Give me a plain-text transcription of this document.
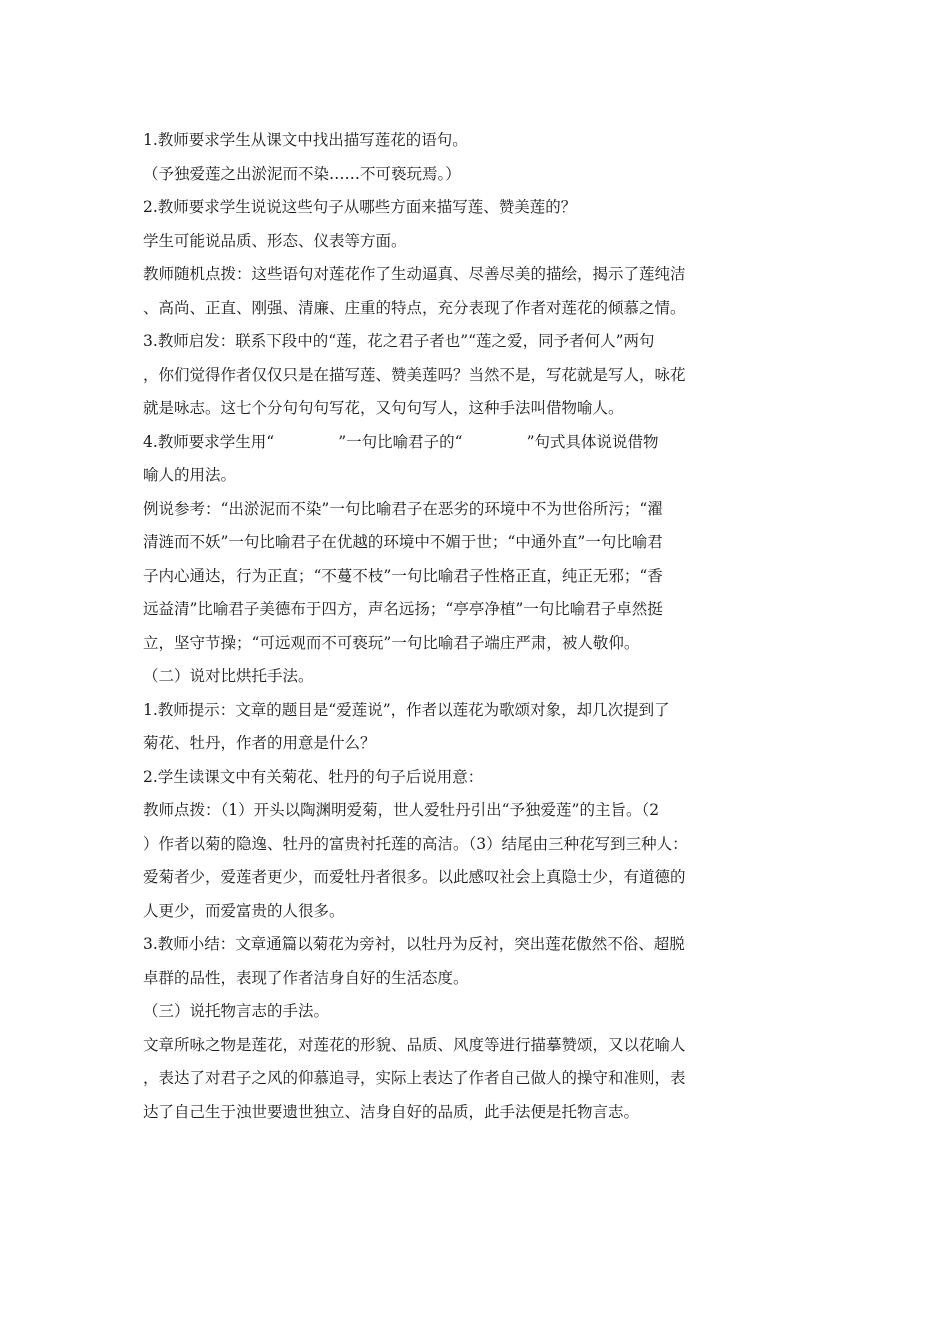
1.教师要求学生从课文中找出描写莲花的语句。
（予独爱莲之出淤泥而不染……不可亵玩焉。）
2.教师要求学生说说这些句子从哪些方面来描写莲、赞美莲的？
学生可能说品质、形态、仪表等方面。
教师随机点拨：这些语句对莲花作了生动逼真、尽善尽美的描绘，揭示了莲纯洁
、高尚、正直、刚强、清廉、庄重的特点，充分表现了作者对莲花的倾慕之情。
3.教师启发：联系下段中的“莲，花之君子者也”“莲之爱，同予者何人”两句
，你们觉得作者仅仅只是在描写莲、赞美莲吗？当然不是，写花就是写人，咏花
就是咏志。这七个分句句句写花，又句句写人，这种手法叫借物喻人。
4.教师要求学生用“	”一句比喻君子的“	”句式具体说说借物
喻人的用法。
例说参考：“出淤泥而不染”一句比喻君子在恶劣的环境中不为世俗所污；“濯
清涟而不妖”一句比喻君子在优越的环境中不媚于世；“中通外直”一句比喻君
子内心通达，行为正直；“不蔓不枝”一句比喻君子性格正直，纯正无邪；“香
远益清”比喻君子美德布于四方，声名远扬；“亭亭净植”一句比喻君子卓然挺
立，坚守节操；“可远观而不可亵玩”一句比喻君子端庄严肃，被人敬仰。
（二）说对比烘托手法。
1.教师提示：文章的题目是“爱莲说”，作者以莲花为歌颂对象，却几次提到了
菊花、牡丹，作者的用意是什么？
2.学生读课文中有关菊花、牡丹的句子后说用意：
教师点拨：（1）开头以陶渊明爱菊，世人爱牡丹引出“予独爱莲”的主旨。（2
）作者以菊的隐逸、牡丹的富贵衬托莲的高洁。（3）结尾由三种花写到三种人：
爱菊者少，爱莲者更少，而爱牡丹者很多。以此感叹社会上真隐士少，有道德的
人更少，而爱富贵的人很多。
3.教师小结：文章通篇以菊花为旁衬，以牡丹为反衬，突出莲花傲然不俗、超脱
卓群的品性，表现了作者洁身自好的生活态度。
（三）说托物言志的手法。
文章所咏之物是莲花，对莲花的形貌、品质、风度等进行描摹赞颂，又以花喻人
，表达了对君子之风的仰慕追寻，实际上表达了作者自己做人的操守和准则，表
达了自己生于浊世要遗世独立、洁身自好的品质，此手法便是托物言志。
